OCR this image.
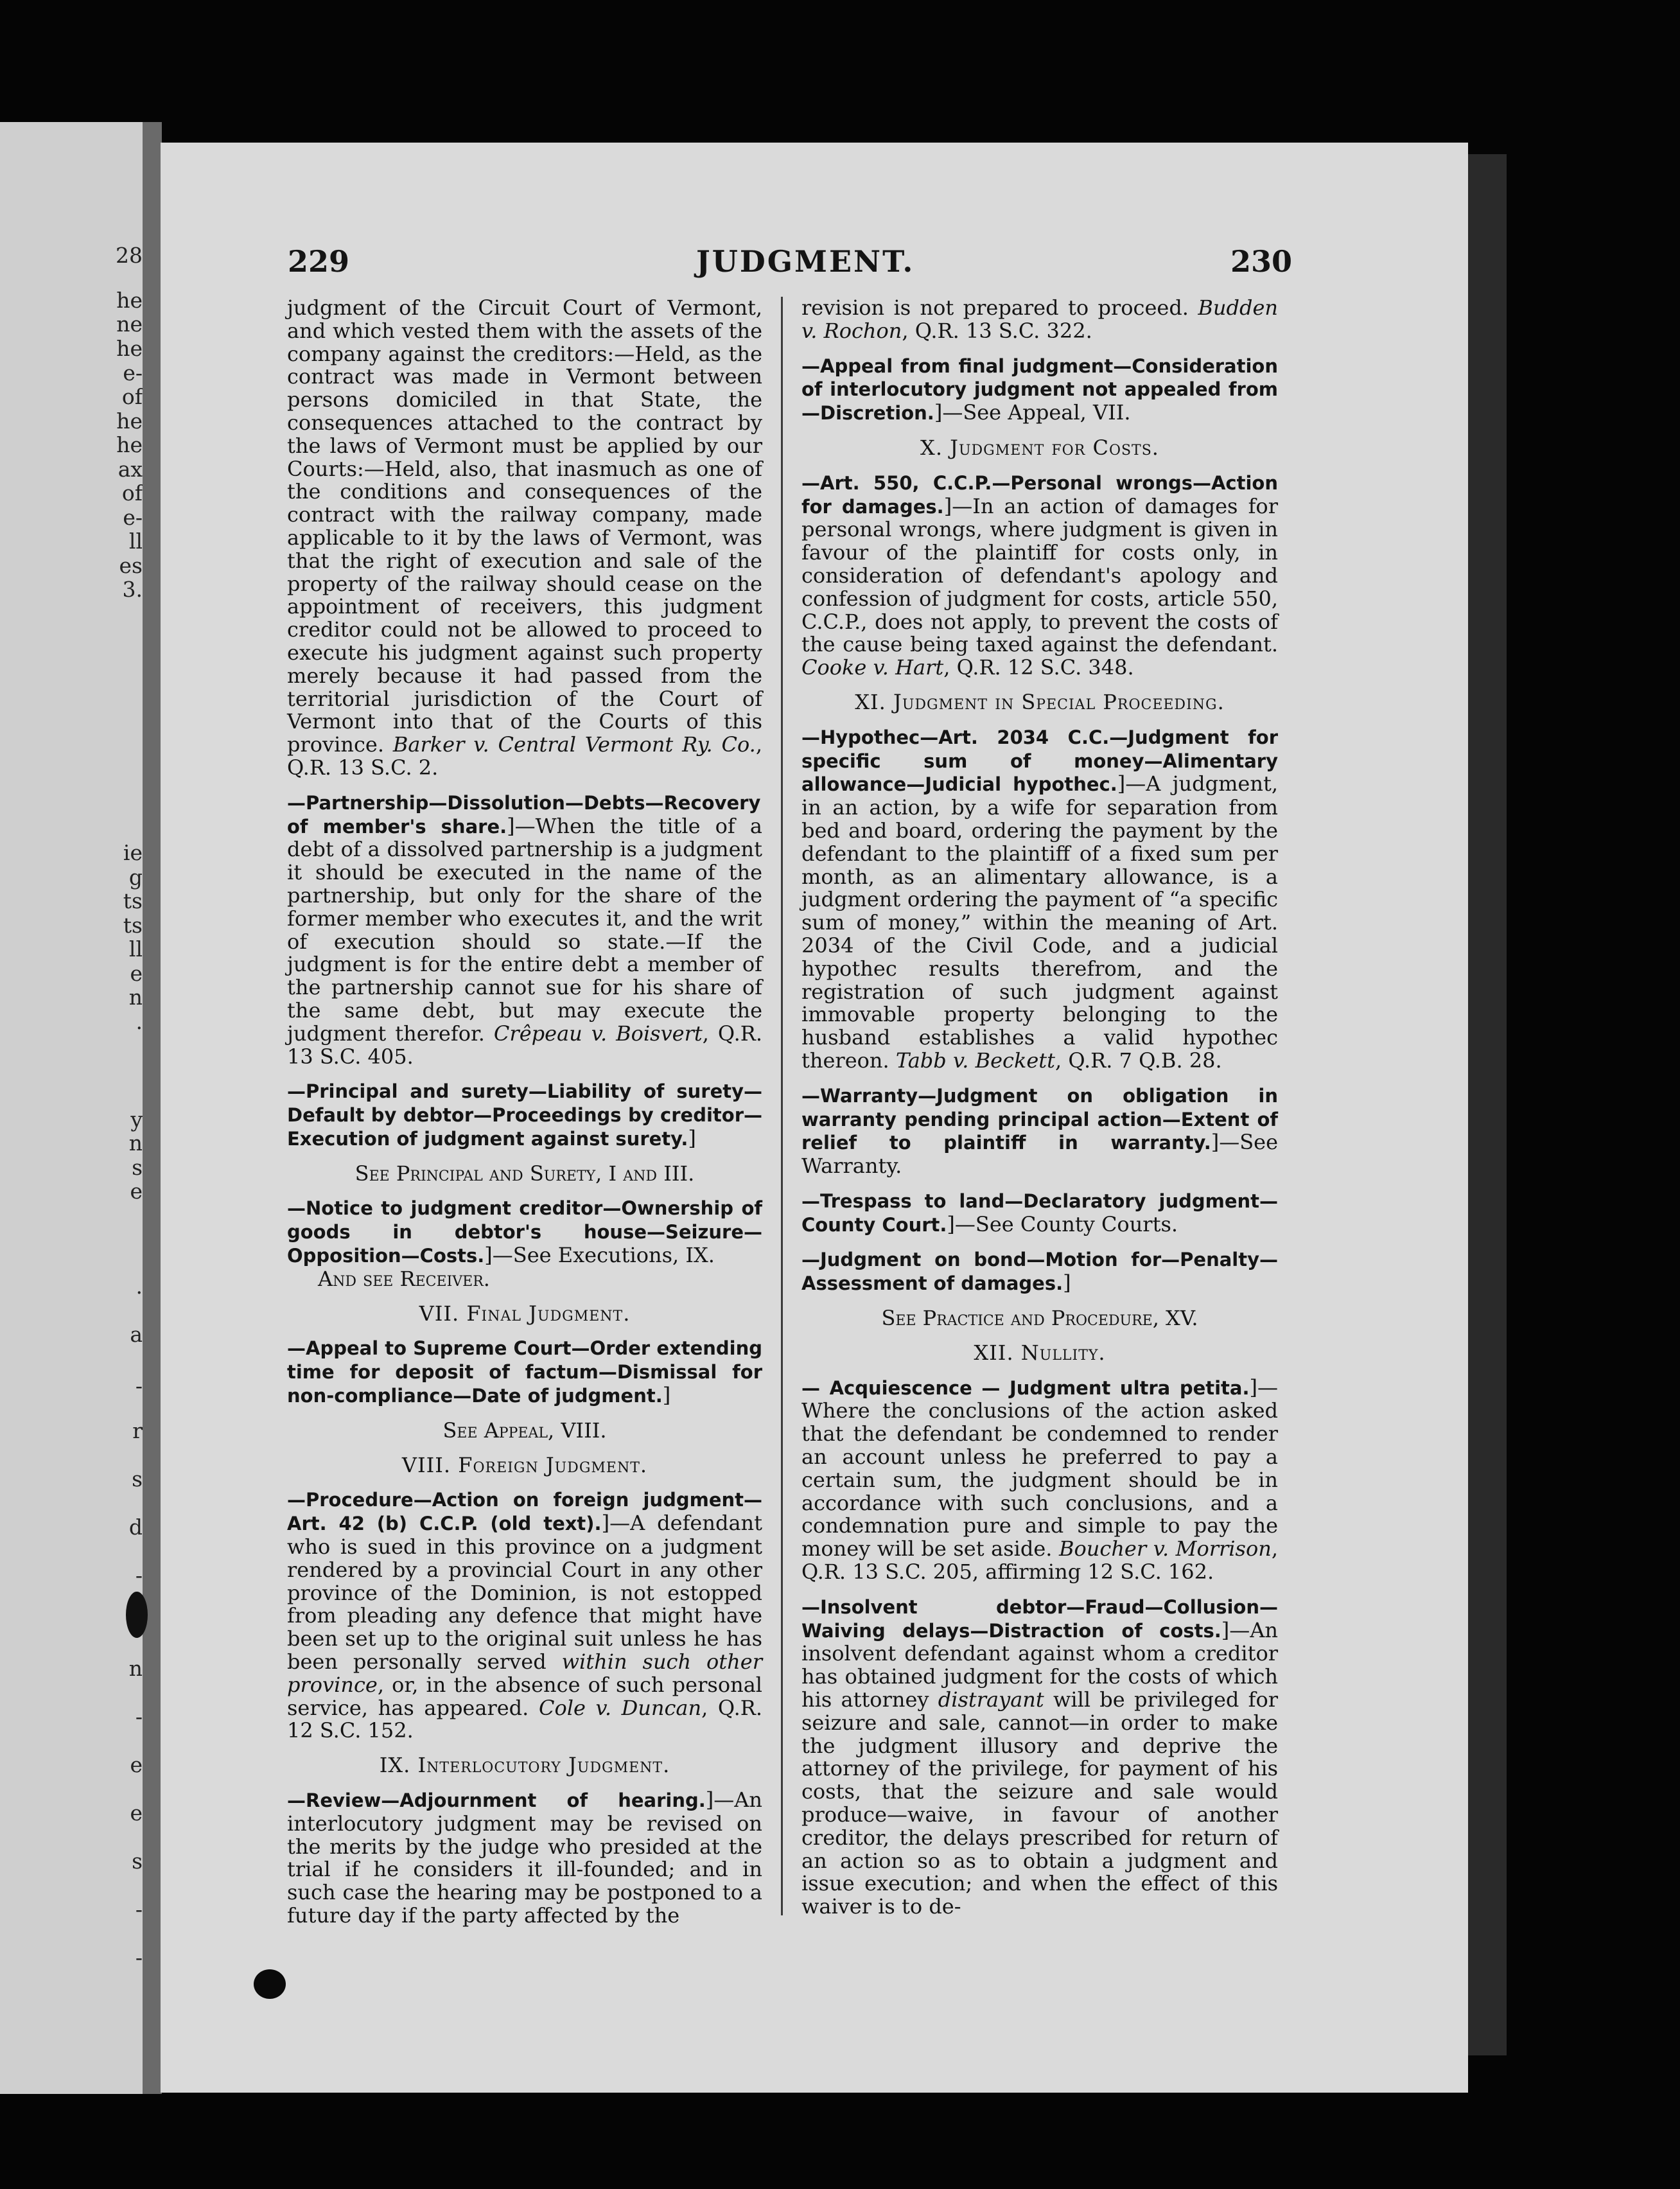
28
he
ne
he
e-
of
he
he
ax
of
e-
ll
es
3.
ie
g
ts
ts
ll
e
n
.
y
n
s
e
.
a
-
r
s
d
-
n
-
e
e
s
-
-
229	JUDGMENT.	230

judgment of the Circuit Court of Vermont, and which vested them with the assets of the company against the creditors:—Held, as the contract was made in Vermont between persons domiciled in that State, the consequences attached to the contract by the laws of Vermont must be applied by our Courts:—Held, also, that inasmuch as one of the conditions and consequences of the contract with the railway company, made applicable to it by the laws of Vermont, was that the right of execution and sale of the property of the railway should cease on the appointment of receivers, this judgment creditor could not be allowed to proceed to execute his judgment against such property merely because it had passed from the territorial jurisdiction of the Court of Vermont into that of the Courts of this province. Barker v. Central Vermont Ry. Co., Q.R. 13 S.C. 2.

—Partnership—Dissolution—Debts—Recovery of member's share.]—When the title of a debt of a dissolved partnership is a judgment it should be executed in the name of the partnership, but only for the share of the former member who executes it, and the writ of execution should so state.—If the judgment is for the entire debt a member of the partnership cannot sue for his share of the same debt, but may execute the judgment therefor. Crêpeau v. Boisvert, Q.R. 13 S.C. 405.

—Principal and surety—Liability of surety—Default by debtor—Proceedings by creditor—Execution of judgment against surety.]

See Principal and Surety, I and III.

—Notice to judgment creditor—Ownership of goods in debtor's house—Seizure—Opposition—Costs.]—See Executions, IX.

And see Receiver.

VII. Final Judgment.

—Appeal to Supreme Court—Order extending time for deposit of factum—Dismissal for non-compliance—Date of judgment.]

See Appeal, VIII.

VIII. Foreign Judgment.

—Procedure—Action on foreign judgment—Art. 42 (b) C.C.P. (old text).]—A defendant who is sued in this province on a judgment rendered by a provincial Court in any other province of the Dominion, is not estopped from pleading any defence that might have been set up to the original suit unless he has been personally served within such other province, or, in the absence of such personal service, has appeared. Cole v. Duncan, Q.R. 12 S.C. 152.

IX. Interlocutory Judgment.

—Review—Adjournment of hearing.]—An interlocutory judgment may be revised on the merits by the judge who presided at the trial if he considers it ill-founded; and in such case the hearing may be postponed to a future day if the party affected by the

revision is not prepared to proceed. Budden v. Rochon, Q.R. 13 S.C. 322.

—Appeal from final judgment—Consideration of interlocutory judgment not appealed from—Discretion.]—See Appeal, VII.

X. Judgment for Costs.

—Art. 550, C.C.P.—Personal wrongs—Action for damages.]—In an action of damages for personal wrongs, where judgment is given in favour of the plaintiff for costs only, in consideration of defendant's apology and confession of judgment for costs, article 550, C.C.P., does not apply, to prevent the costs of the cause being taxed against the defendant. Cooke v. Hart, Q.R. 12 S.C. 348.

XI. Judgment in Special Proceeding.

—Hypothec—Art. 2034 C.C.—Judgment for specific sum of money—Alimentary allowance—Judicial hypothec.]—A judgment, in an action, by a wife for separation from bed and board, ordering the payment by the defendant to the plaintiff of a fixed sum per month, as an alimentary allowance, is a judgment ordering the payment of “a specific sum of money,” within the meaning of Art. 2034 of the Civil Code, and a judicial hypothec results therefrom, and the registration of such judgment against immovable property belonging to the husband establishes a valid hypothec thereon. Tabb v. Beckett, Q.R. 7 Q.B. 28.

—Warranty—Judgment on obligation in warranty pending principal action—Extent of relief to plaintiff in warranty.]—See Warranty.

—Trespass to land—Declaratory judgment—County Court.]—See County Courts.

—Judgment on bond—Motion for—Penalty—Assessment of damages.]

See Practice and Procedure, XV.

XII. Nullity.

— Acquiescence — Judgment ultra petita.]—Where the conclusions of the action asked that the defendant be condemned to render an account unless he preferred to pay a certain sum, the judgment should be in accordance with such conclusions, and a condemnation pure and simple to pay the money will be set aside. Boucher v. Morrison, Q.R. 13 S.C. 205, affirming 12 S.C. 162.

—Insolvent debtor—Fraud—Collusion—Waiving delays—Distraction of costs.]—An insolvent defendant against whom a creditor has obtained judgment for the costs of which his attorney distrayant will be privileged for seizure and sale, cannot—in order to make the judgment illusory and deprive the attorney of the privilege, for payment of his costs, that the seizure and sale would produce—waive, in favour of another creditor, the delays prescribed for return of an action so as to obtain a judgment and issue execution; and when the effect of this waiver is to de-
